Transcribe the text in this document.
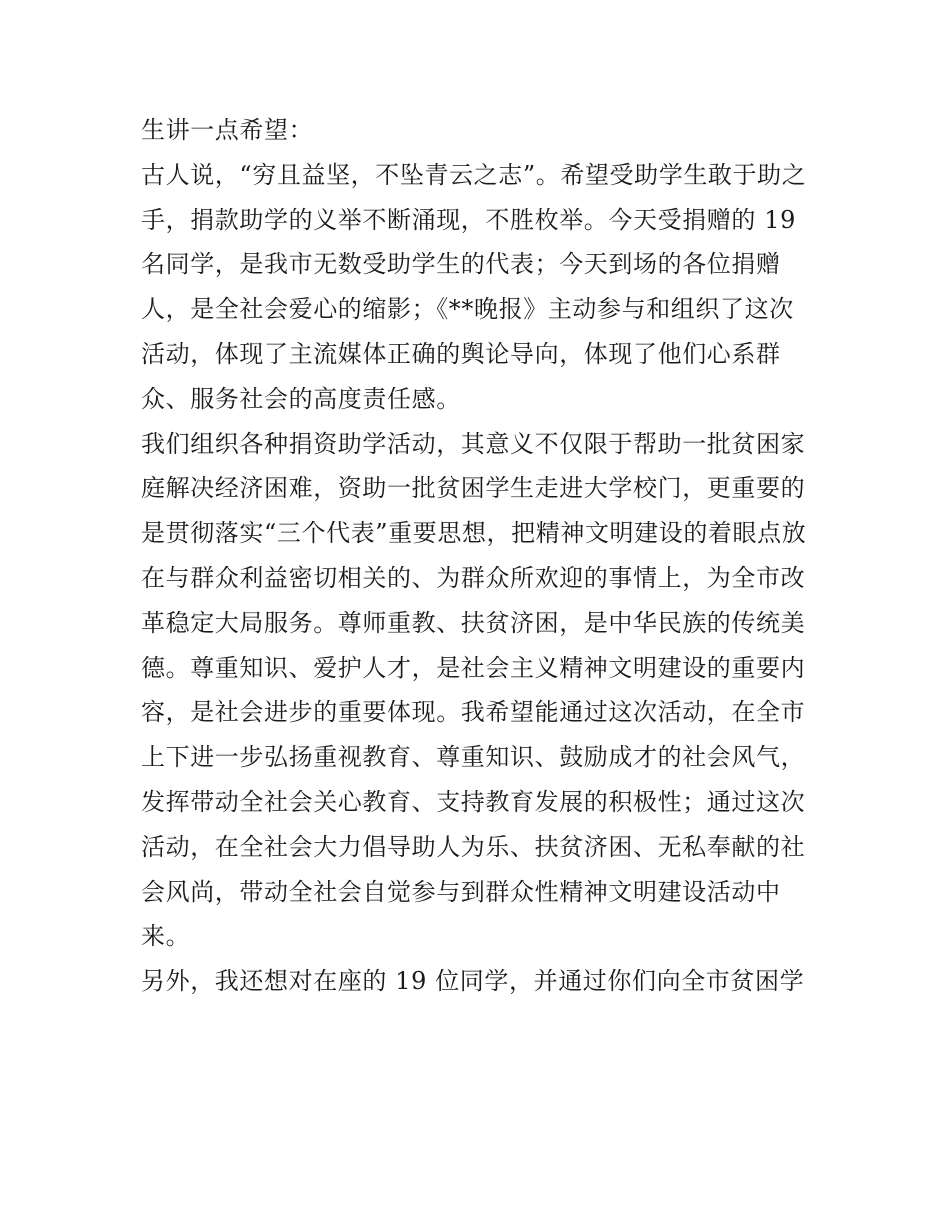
生讲一点希望：
古人说，“穷且益坚，不坠青云之志”。希望受助学生敢于助之
手，捐款助学的义举不断涌现，不胜枚举。今天受捐赠的 19
名同学，是我市无数受助学生的代表；今天到场的各位捐赠
人，是全社会爱心的缩影；《**晚报》主动参与和组织了这次
活动，体现了主流媒体正确的舆论导向，体现了他们心系群
众、服务社会的高度责任感。
我们组织各种捐资助学活动，其意义不仅限于帮助一批贫困家
庭解决经济困难，资助一批贫困学生走进大学校门，更重要的
是贯彻落实“三个代表”重要思想，把精神文明建设的着眼点放
在与群众利益密切相关的、为群众所欢迎的事情上，为全市改
革稳定大局服务。尊师重教、扶贫济困，是中华民族的传统美
德。尊重知识、爱护人才，是社会主义精神文明建设的重要内
容，是社会进步的重要体现。我希望能通过这次活动，在全市
上下进一步弘扬重视教育、尊重知识、鼓励成才的社会风气，
发挥带动全社会关心教育、支持教育发展的积极性；通过这次
活动，在全社会大力倡导助人为乐、扶贫济困、无私奉献的社
会风尚，带动全社会自觉参与到群众性精神文明建设活动中
来。
另外，我还想对在座的 19 位同学，并通过你们向全市贫困学
